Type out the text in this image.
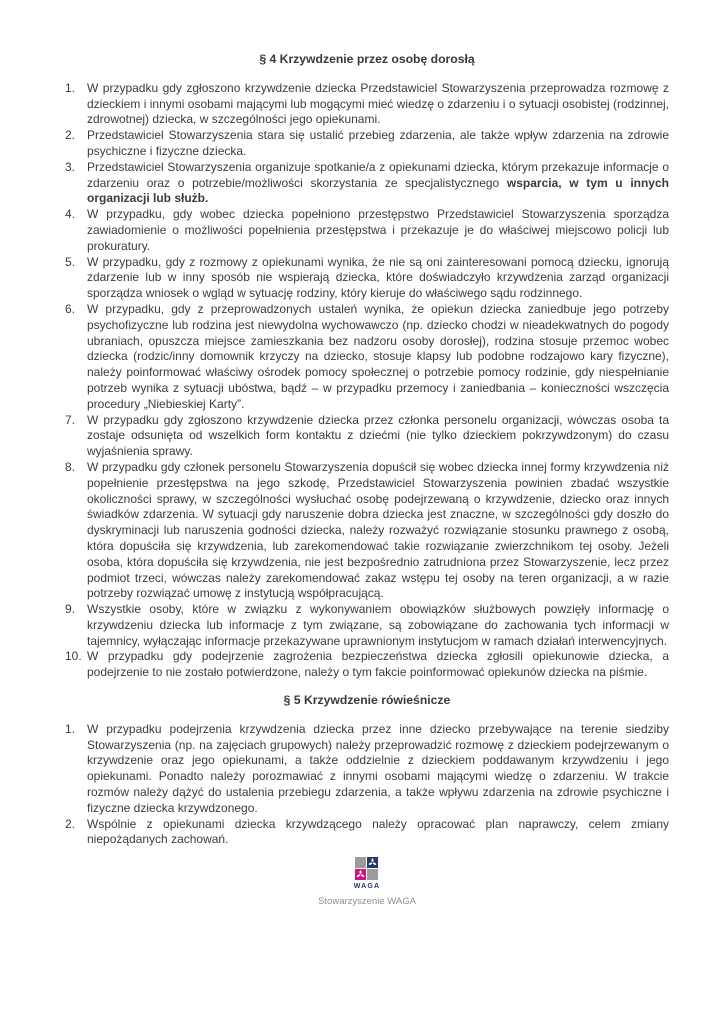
§ 4 Krzywdzenie przez osobę dorosłą
1. W przypadku gdy zgłoszono krzywdzenie dziecka Przedstawiciel Stowarzyszenia przeprowadza rozmowę z dzieckiem i innymi osobami mającymi lub mogącymi mieć wiedzę o zdarzeniu i o sytuacji osobistej (rodzinnej, zdrowotnej) dziecka, w szczególności jego opiekunami.
2. Przedstawiciel Stowarzyszenia stara się ustalić przebieg zdarzenia, ale także wpływ zdarzenia na zdrowie psychiczne i fizyczne dziecka.
3. Przedstawiciel Stowarzyszenia organizuje spotkanie/a z opiekunami dziecka, którym przekazuje informacje o zdarzeniu oraz o potrzebie/możliwości skorzystania ze specjalistycznego wsparcia, w tym u innych organizacji lub służb.
4. W przypadku, gdy wobec dziecka popełniono przestępstwo Przedstawiciel Stowarzyszenia sporządza zawiadomienie o możliwości popełnienia przestępstwa i przekazuje je do właściwej miejscowo policji lub prokuratury.
5. W przypadku, gdy z rozmowy z opiekunami wynika, że nie są oni zainteresowani pomocą dziecku, ignorują zdarzenie lub w inny sposób nie wspierają dziecka, które doświadczyło krzywdzenia zarząd organizacji sporządza wniosek o wgląd w sytuację rodziny, który kieruje do właściwego sądu rodzinnego.
6. W przypadku, gdy z przeprowadzonych ustaleń wynika, że opiekun dziecka zaniedbuje jego potrzeby psychofizyczne lub rodzina jest niewydolna wychowawczo (np. dziecko chodzi w nieadekwatnych do pogody ubraniach, opuszcza miejsce zamieszkania bez nadzoru osoby dorosłej), rodzina stosuje przemoc wobec dziecka (rodzic/inny domownik krzyczy na dziecko, stosuje klapsy lub podobne rodzajowo kary fizyczne), należy poinformować właściwy ośrodek pomocy społecznej o potrzebie pomocy rodzinie, gdy niespełnianie potrzeb wynika z sytuacji ubóstwa, bądź – w przypadku przemocy i zaniedbania – konieczności wszczęcia procedury „Niebieskiej Karty”.
7. W przypadku gdy zgłoszono krzywdzenie dziecka przez członka personelu organizacji, wówczas osoba ta zostaje odsunięta od wszelkich form kontaktu z dziećmi (nie tylko dzieckiem pokrzywdzonym) do czasu wyjaśnienia sprawy.
8. W przypadku gdy członek personelu Stowarzyszenia dopuścił się wobec dziecka innej formy krzywdzenia niż popełnienie przestępstwa na jego szkodę, Przedstawiciel Stowarzyszenia powinien zbadać wszystkie okoliczności sprawy, w szczególności wysłuchać osobę podejrzewaną o krzywdzenie, dziecko oraz innych świadków zdarzenia. W sytuacji gdy naruszenie dobra dziecka jest znaczne, w szczególności gdy doszło do dyskryminacji lub naruszenia godności dziecka, należy rozważyć rozwiązanie stosunku prawnego z osobą, która dopuściła się krzywdzenia, lub zarekomendować takie rozwiązanie zwierzchnikom tej osoby. Jeżeli osoba, która dopuściła się krzywdzenia, nie jest bezpośrednio zatrudniona przez Stowarzyszenie, lecz przez podmiot trzeci, wówczas należy zarekomendować zakaz wstępu tej osoby na teren organizacji, a w razie potrzeby rozwiązać umowę z instytucją współpracującą.
9. Wszystkie osoby, które w związku z wykonywaniem obowiązków służbowych powzięły informację o krzywdzeniu dziecka lub informacje z tym związane, są zobowiązane do zachowania tych informacji w tajemnicy, wyłączając informacje przekazywane uprawnionym instytucjom w ramach działań interwencyjnych.
10. W przypadku gdy podejrzenie zagrożenia bezpieczeństwa dziecka zgłosili opiekunowie dziecka, a podejrzenie to nie zostało potwierdzone, należy o tym fakcie poinformować opiekunów dziecka na piśmie.
§ 5 Krzywdzenie rówieśnicze
1. W przypadku podejrzenia krzywdzenia dziecka przez inne dziecko przebywające na terenie siedziby Stowarzyszenia (np. na zajęciach grupowych) należy przeprowadzić rozmowę z dzieckiem podejrzewanym o krzywdzenie oraz jego opiekunami, a także oddzielnie z dzieckiem poddawanym krzywdzeniu i jego opiekunami. Ponadto należy porozmawiać z innymi osobami mającymi wiedzę o zdarzeniu. W trakcie rozmów należy dążyć do ustalenia przebiegu zdarzenia, a także wpływu zdarzenia na zdrowie psychiczne i fizyczne dziecka krzywdzonego.
2. Wspólnie z opiekunami dziecka krzywdzącego należy opracować plan naprawczy, celem zmiany niepożądanych zachowań.
WAGA
Stowarzyszenie WAGA
